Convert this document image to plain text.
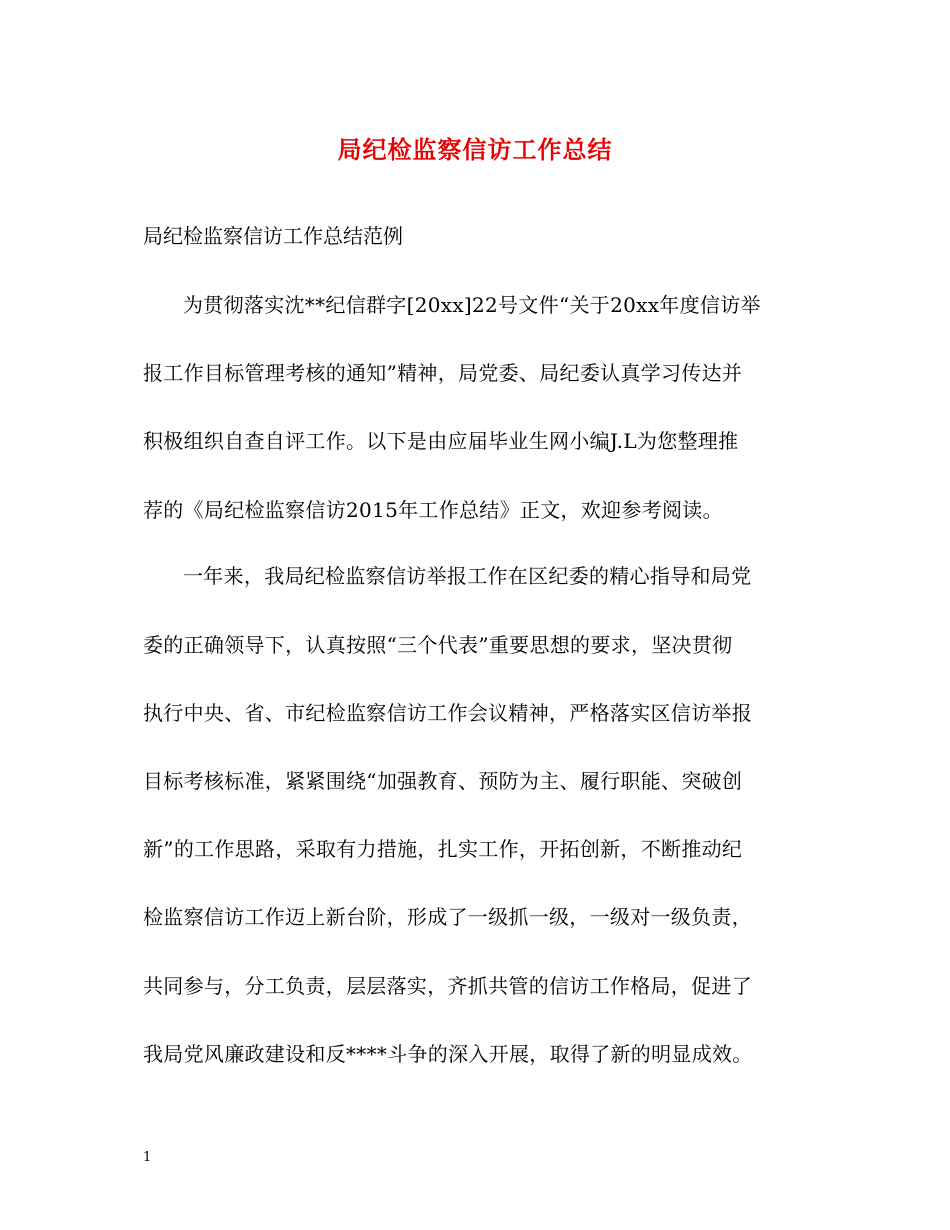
局纪检监察信访工作总结
局纪检监察信访工作总结范例
为贯彻落实沈**纪信群字[20xx]22号文件“关于20xx年度信访举
报工作目标管理考核的通知”精神，局党委、局纪委认真学习传达并
积极组织自查自评工作。以下是由应届毕业生网小编J.L为您整理推
荐的《局纪检监察信访2015年工作总结》正文，欢迎参考阅读。
一年来，我局纪检监察信访举报工作在区纪委的精心指导和局党
委的正确领导下，认真按照“三个代表”重要思想的要求，坚决贯彻
执行中央、省、市纪检监察信访工作会议精神，严格落实区信访举报
目标考核标准，紧紧围绕“加强教育、预防为主、履行职能、突破创
新”的工作思路，采取有力措施，扎实工作，开拓创新，不断推动纪
检监察信访工作迈上新台阶，形成了一级抓一级，一级对一级负责，
共同参与，分工负责，层层落实，齐抓共管的信访工作格局，促进了
我局党风廉政建设和反****斗争的深入开展，取得了新的明显成效。
1
